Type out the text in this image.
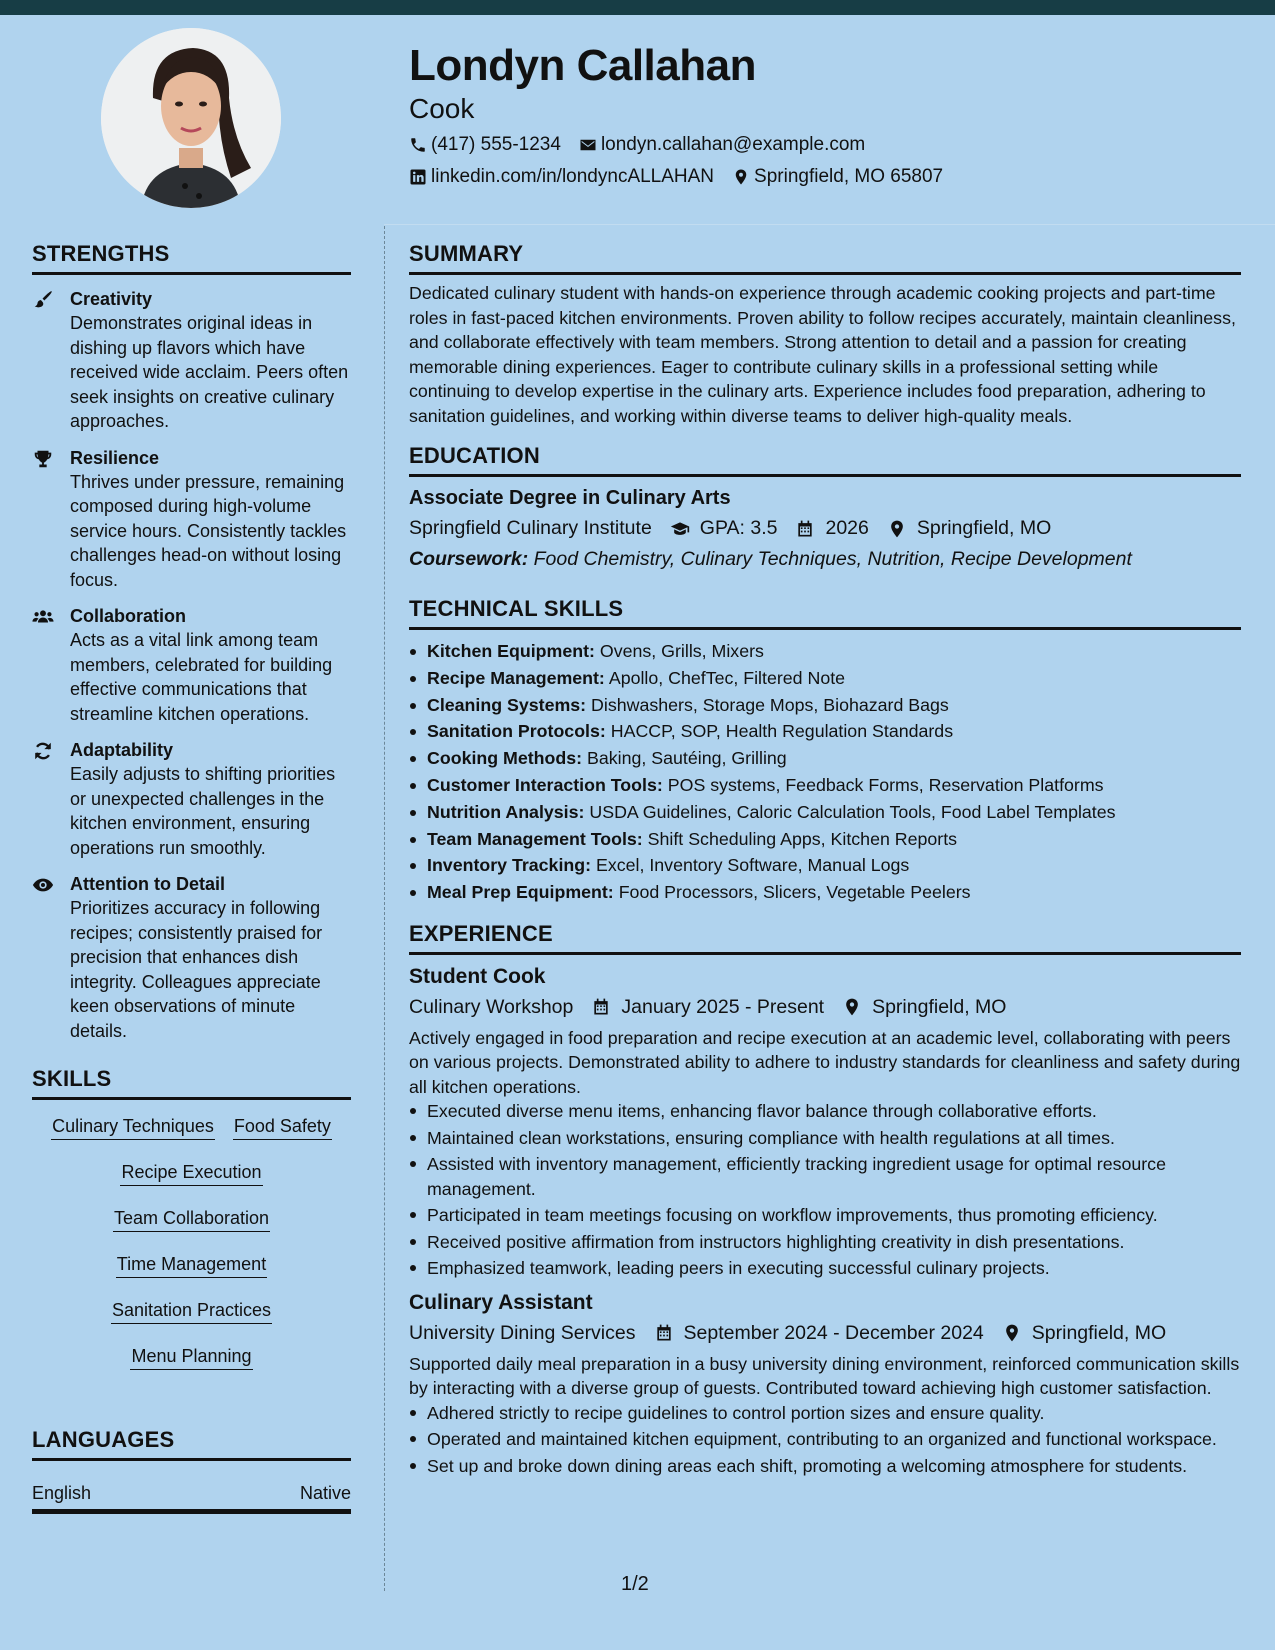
Londyn Callahan
Cook
(417) 555-1234 londyn.callahan@example.com
linkedin.com/in/londyncALLAHAN Springfield, MO 65807
STRENGTHS
Creativity
Demonstrates original ideas in dishing up flavors which have received wide acclaim. Peers often seek insights on creative culinary approaches.
Resilience
Thrives under pressure, remaining composed during high-volume service hours. Consistently tackles challenges head-on without losing focus.
Collaboration
Acts as a vital link among team members, celebrated for building effective communications that streamline kitchen operations.
Adaptability
Easily adjusts to shifting priorities or unexpected challenges in the kitchen environment, ensuring operations run smoothly.
Attention to Detail
Prioritizes accuracy in following recipes; consistently praised for precision that enhances dish integrity. Colleagues appreciate keen observations of minute details.
SKILLS
Culinary Techniques Food Safety
Recipe Execution
Team Collaboration
Time Management
Sanitation Practices
Menu Planning
LANGUAGES
English	Native
SUMMARY
Dedicated culinary student with hands-on experience through academic cooking projects and part-time roles in fast-paced kitchen environments. Proven ability to follow recipes accurately, maintain cleanliness, and collaborate effectively with team members. Strong attention to detail and a passion for creating memorable dining experiences. Eager to contribute culinary skills in a professional setting while continuing to develop expertise in the culinary arts. Experience includes food preparation, adhering to sanitation guidelines, and working within diverse teams to deliver high-quality meals.
EDUCATION
Associate Degree in Culinary Arts
Springfield Culinary Institute GPA: 3.5 2026 Springfield, MO
Coursework: Food Chemistry, Culinary Techniques, Nutrition, Recipe Development
TECHNICAL SKILLS
Kitchen Equipment: Ovens, Grills, Mixers
Recipe Management: Apollo, ChefTec, Filtered Note
Cleaning Systems: Dishwashers, Storage Mops, Biohazard Bags
Sanitation Protocols: HACCP, SOP, Health Regulation Standards
Cooking Methods: Baking, Sautéing, Grilling
Customer Interaction Tools: POS systems, Feedback Forms, Reservation Platforms
Nutrition Analysis: USDA Guidelines, Caloric Calculation Tools, Food Label Templates
Team Management Tools: Shift Scheduling Apps, Kitchen Reports
Inventory Tracking: Excel, Inventory Software, Manual Logs
Meal Prep Equipment: Food Processors, Slicers, Vegetable Peelers
EXPERIENCE
Student Cook
Culinary Workshop January 2025 - Present Springfield, MO
Actively engaged in food preparation and recipe execution at an academic level, collaborating with peers on various projects. Demonstrated ability to adhere to industry standards for cleanliness and safety during all kitchen operations.
Executed diverse menu items, enhancing flavor balance through collaborative efforts.
Maintained clean workstations, ensuring compliance with health regulations at all times.
Assisted with inventory management, efficiently tracking ingredient usage for optimal resource management.
Participated in team meetings focusing on workflow improvements, thus promoting efficiency.
Received positive affirmation from instructors highlighting creativity in dish presentations.
Emphasized teamwork, leading peers in executing successful culinary projects.
Culinary Assistant
University Dining Services September 2024 - December 2024 Springfield, MO
Supported daily meal preparation in a busy university dining environment, reinforced communication skills by interacting with a diverse group of guests. Contributed toward achieving high customer satisfaction.
Adhered strictly to recipe guidelines to control portion sizes and ensure quality.
Operated and maintained kitchen equipment, contributing to an organized and functional workspace.
Set up and broke down dining areas each shift, promoting a welcoming atmosphere for students.
1/2
